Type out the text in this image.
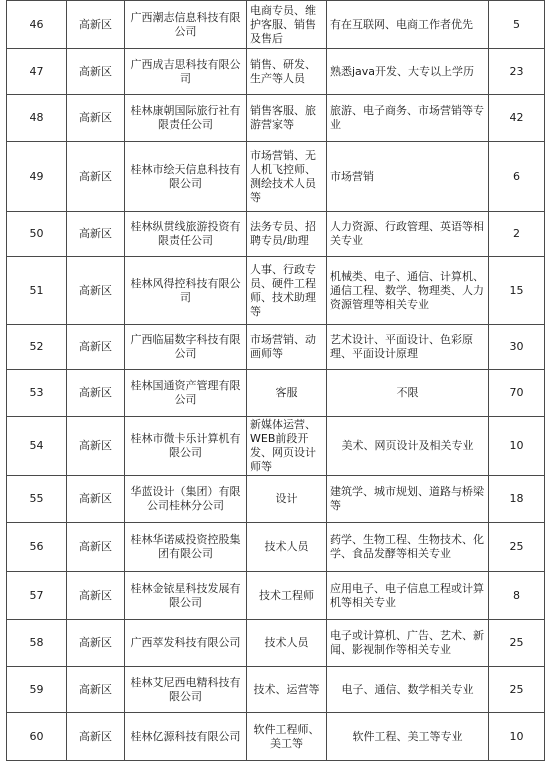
46	高新区	广西潮志信息科技有限公司	电商专员、维护客服、销售及售后	有在互联网、电商工作者优先	5
47	高新区	广西成吉思科技有限公司	销售、研发、生产等人员	熟悉java开发、大专以上学历	23
48	高新区	桂林康朝国际旅行社有限责任公司	销售客服、旅游营家等	旅游、电子商务、市场营销等专业	42
49	高新区	桂林市绘天信息科技有限公司	市场营销、无人机飞控师、测绘技术人员等	市场营销	6
50	高新区	桂林纵贯线旅游投资有限责任公司	法务专员、招聘专员/助理	人力资源、行政管理、英语等相关专业	2
51	高新区	桂林风得控科技有限公司	人事、行政专员、硬件工程师、技术助理等	机械类、电子、通信、计算机、通信工程、数学、物理类、人力资源管理等相关专业	15
52	高新区	广西临届数字科技有限公司	市场营销、动画师等	艺术设计、平面设计、色彩原理、平面设计原理	30
53	高新区	桂林国通资产管理有限公司	客服	不限	70
54	高新区	桂林市微卡乐计算机有限公司	新媒体运营、WEB前段开发、网页设计师等	美术、网页设计及相关专业	10
55	高新区	华蓝设计（集团）有限公司桂林分公司	设计	建筑学、城市规划、道路与桥梁等	18
56	高新区	桂林华诺威投资控股集团有限公司	技术人员	药学、生物工程、生物技术、化学、食品发酵等相关专业	25
57	高新区	桂林金铱星科技发展有限公司	技术工程师	应用电子、电子信息工程或计算机等相关专业	8
58	高新区	广西萃发科技有限公司	技术人员	电子或计算机、广告、艺术、新闻、影视制作等相关专业	25
59	高新区	桂林艾尼西电精科技有限公司	技术、运营等	电子、通信、数学相关专业	25
60	高新区	桂林亿源科技有限公司	软件工程师、美工等	软件工程、美工等专业	10
